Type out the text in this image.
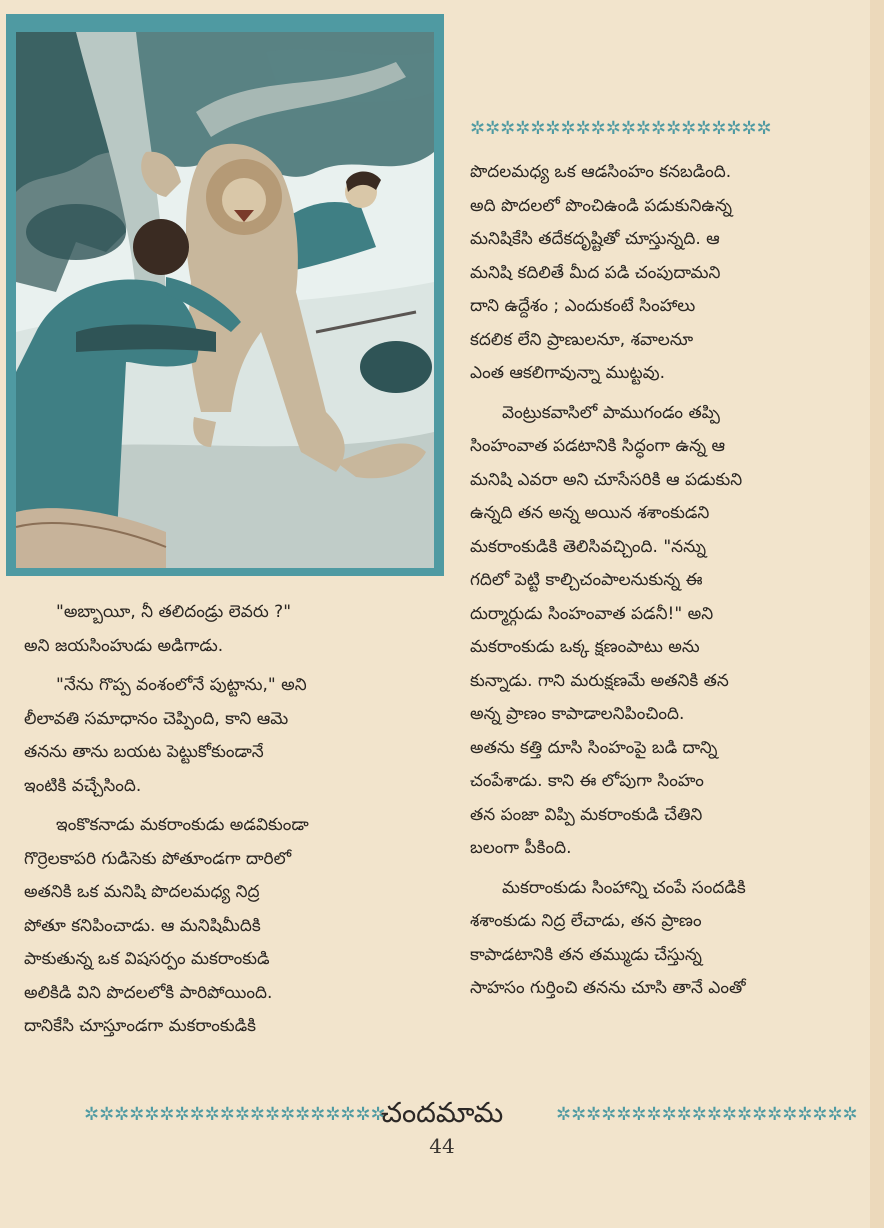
✲✲✲✲✲✲✲✲✲✲✲✲✲✲✲✲✲✲✲✲

పొదలమధ్య ఒక ఆడసింహం కనబడింది.

అది పొదలలో పొంచిఉండి పడుకునిఉన్న

మనిషికేసి తదేకదృష్టితో చూస్తున్నది. ఆ

మనిషి కదిలితే మీద పడి చంపుదామని

దాని ఉద్దేశం ; ఎందుకంటే సింహాలు

కదలిక లేని ప్రాణులనూ, శవాలనూ

ఎంత ఆకలిగావున్నా ముట్టవు.

వెంట్రుకవాసిలో పాముగండం తప్పి

సింహంవాత పడటానికి సిద్ధంగా ఉన్న ఆ

మనిషి ఎవరా అని చూసేసరికి ఆ పడుకుని

ఉన్నది తన అన్న అయిన శశాంకుడని

మకరాంకుడికి తెలిసివచ్చింది. "నన్ను

గదిలో పెట్టి కాల్చిచంపాలనుకున్న ఈ

దుర్మార్గుడు సింహంవాత పడనీ!" అని

మకరాంకుడు ఒక్క క్షణంపాటు అను

కున్నాడు. గాని మరుక్షణమే అతనికి తన

అన్న ప్రాణం కాపాడాలనిపించింది.

అతను కత్తి దూసి సింహంపై బడి దాన్ని

చంపేశాడు. కాని ఈ లోపుగా సింహం

తన పంజా విప్పి మకరాంకుడి చేతిని

బలంగా పీకింది.

మకరాంకుడు సింహాన్ని చంపే సందడికి

శశాంకుడు నిద్ర లేచాడు, తన ప్రాణం

కాపాడటానికి తన తమ్ముడు చేస్తున్న

సాహసం గుర్తించి తనను చూసి తానే ఎంతో

"అబ్బాయీ, నీ తలిదండ్రు లెవరు ?"

అని జయసింహుడు అడిగాడు.

"నేను గొప్ప వంశంలోనే పుట్టాను," అని

లీలావతి సమాధానం చెప్పింది, కాని ఆమె

తనను తాను బయట పెట్టుకోకుండానే

ఇంటికి వచ్చేసింది.

ఇంకొకనాడు మకరాంకుడు అడవికుండా

గొర్రెలకాపరి గుడిసెకు పోతూండగా దారిలో

అతనికి ఒక మనిషి పొదలమధ్య నిద్ర

పోతూ కనిపించాడు. ఆ మనిషిమీదికి

పాకుతున్న ఒక విషసర్పం మకరాంకుడి

అలికిడి విని పొదలలోకి పారిపోయింది.

దానికేసి చూస్తూండగా మకరాంకుడికి

✲✲✲✲✲✲✲✲✲✲✲✲✲✲✲✲✲✲✲✲	✲✲✲✲✲✲✲✲✲✲✲✲✲✲✲✲✲✲✲✲
చందమామ
44
